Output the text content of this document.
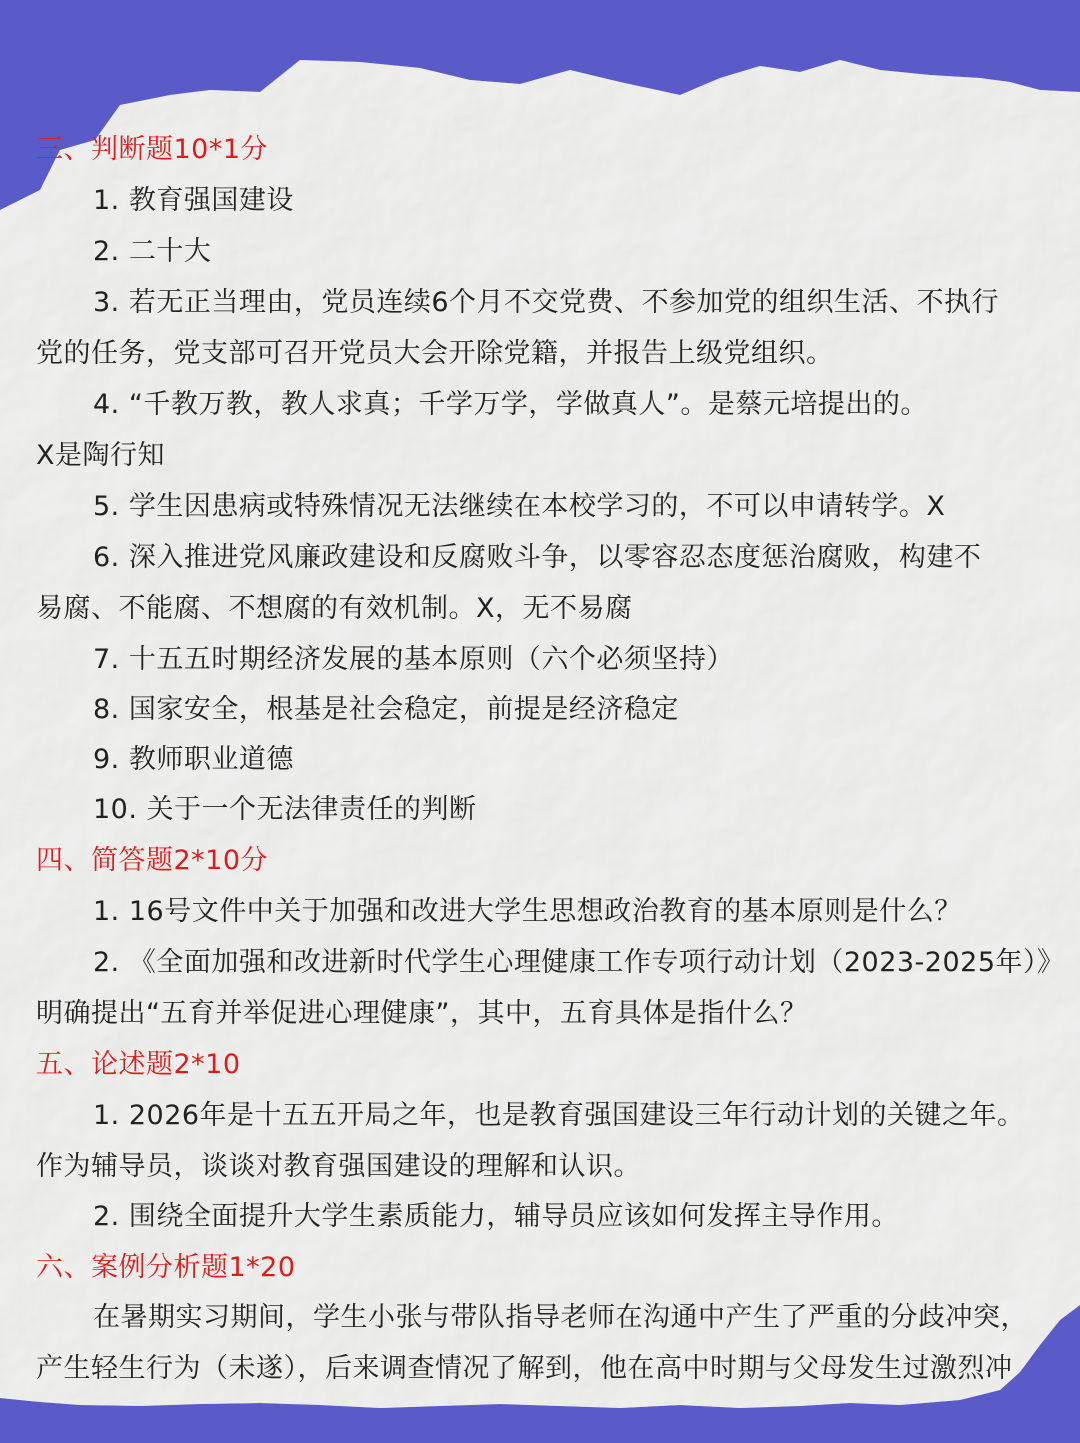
三、判断题10*1分
1. 教育强国建设
2. 二十大
3. 若无正当理由，党员连续6个月不交党费、不参加党的组织生活、不执行
党的任务，党支部可召开党员大会开除党籍，并报告上级党组织。
4. “千教万教，教人求真；千学万学，学做真人”。是蔡元培提出的。
X是陶行知
5. 学生因患病或特殊情况无法继续在本校学习的，不可以申请转学。X
6. 深入推进党风廉政建设和反腐败斗争，以零容忍态度惩治腐败，构建不
易腐、不能腐、不想腐的有效机制。X，无不易腐
7. 十五五时期经济发展的基本原则（六个必须坚持）
8. 国家安全，根基是社会稳定，前提是经济稳定
9. 教师职业道德
10. 关于一个无法律责任的判断
四、简答题2*10分
1. 16号文件中关于加强和改进大学生思想政治教育的基本原则是什么？
2. 《全面加强和改进新时代学生心理健康工作专项行动计划（2023-2025年）》
明确提出“五育并举促进心理健康”，其中，五育具体是指什么？
五、论述题2*10
1. 2026年是十五五开局之年，也是教育强国建设三年行动计划的关键之年。
作为辅导员，谈谈对教育强国建设的理解和认识。
2. 围绕全面提升大学生素质能力，辅导员应该如何发挥主导作用。
六、案例分析题1*20
在暑期实习期间，学生小张与带队指导老师在沟通中产生了严重的分歧冲突，
产生轻生行为（未遂），后来调查情况了解到，他在高中时期与父母发生过激烈冲
